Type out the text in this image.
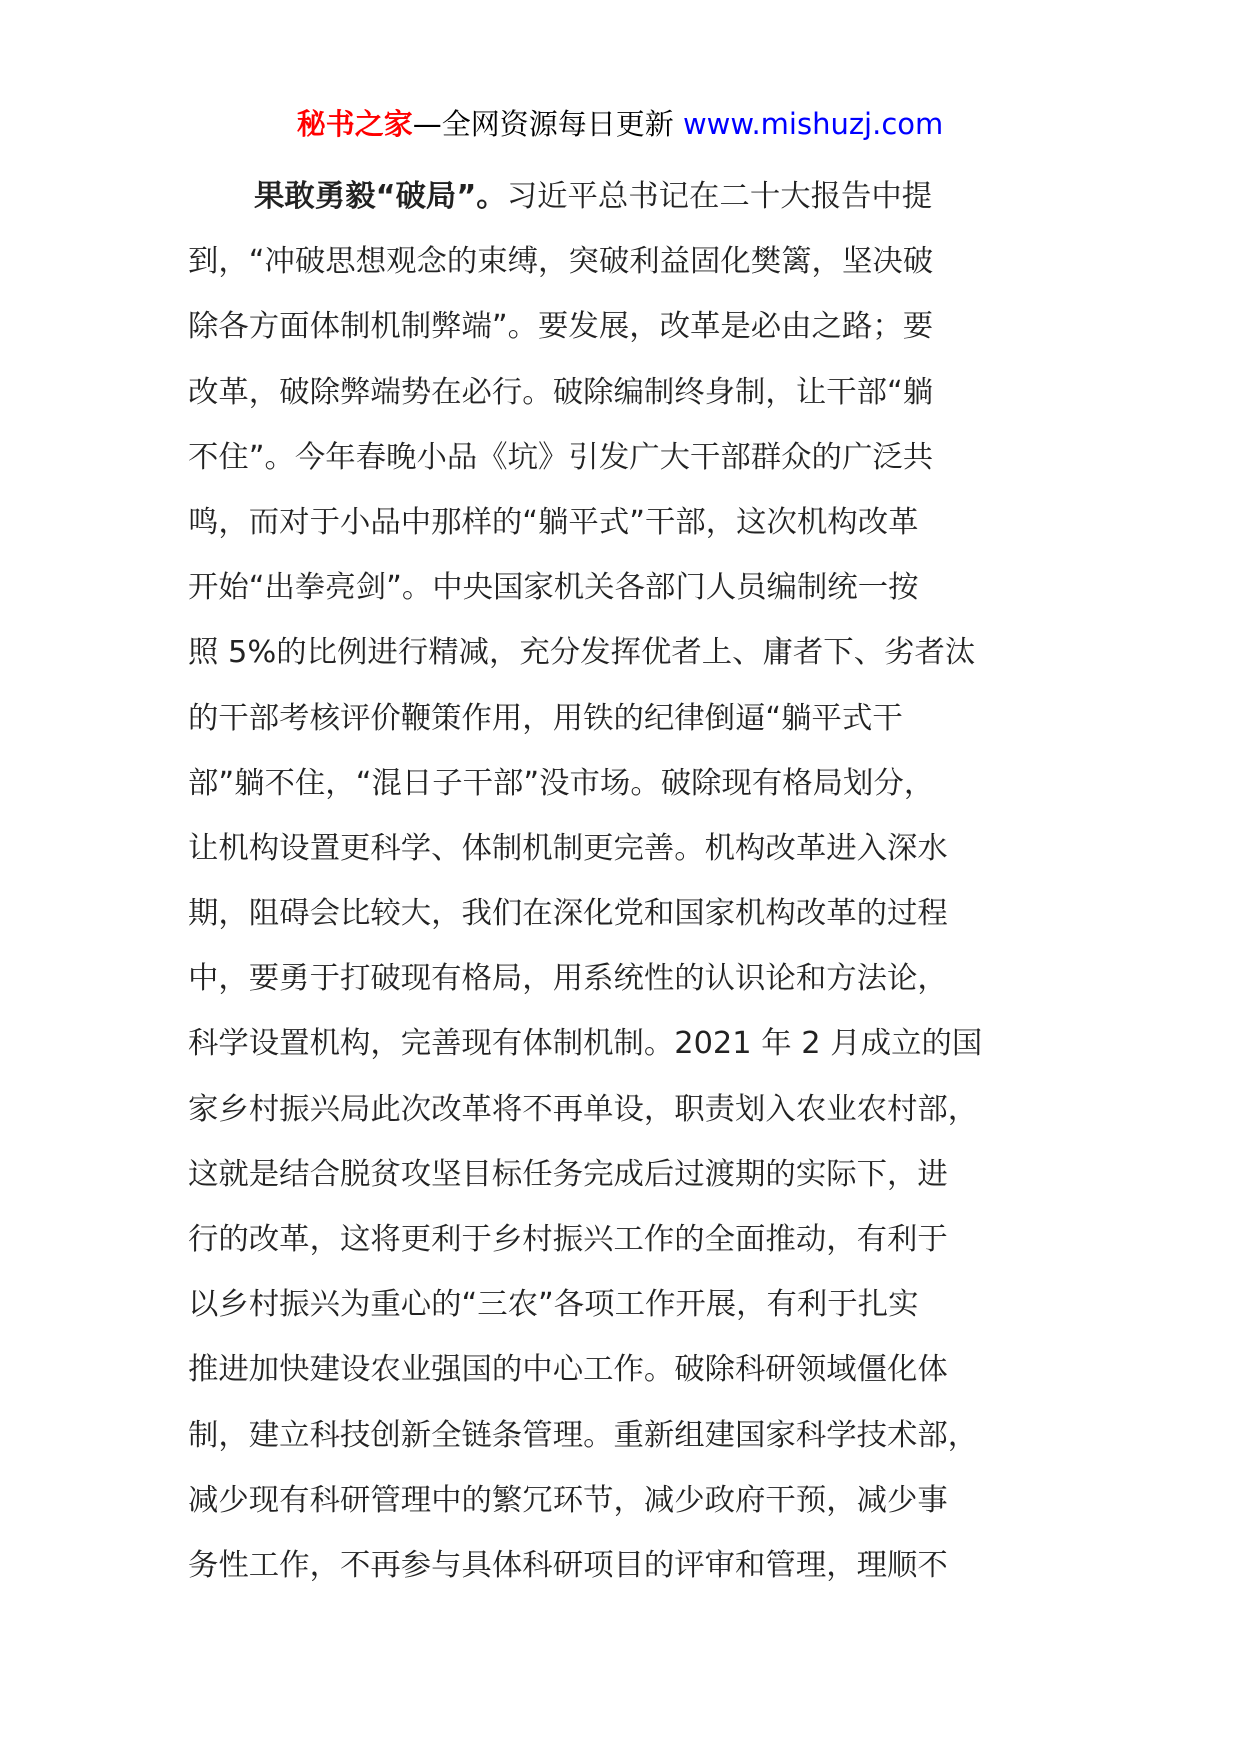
秘书之家—全网资源每日更新 www.mishuzj.com
果敢勇毅“破局”。习近平总书记在二十大报告中提
到，“冲破思想观念的束缚，突破利益固化樊篱，坚决破
除各方面体制机制弊端”。要发展，改革是必由之路；要
改革，破除弊端势在必行。破除编制终身制，让干部“躺
不住”。今年春晚小品《坑》引发广大干部群众的广泛共
鸣，而对于小品中那样的“躺平式”干部，这次机构改革
开始“出拳亮剑”。中央国家机关各部门人员编制统一按
照 5%的比例进行精减，充分发挥优者上、庸者下、劣者汰
的干部考核评价鞭策作用，用铁的纪律倒逼“躺平式干
部”躺不住，“混日子干部”没市场。破除现有格局划分，
让机构设置更科学、体制机制更完善。机构改革进入深水
期，阻碍会比较大，我们在深化党和国家机构改革的过程
中，要勇于打破现有格局，用系统性的认识论和方法论，
科学设置机构，完善现有体制机制。2021 年 2 月成立的国
家乡村振兴局此次改革将不再单设，职责划入农业农村部，
这就是结合脱贫攻坚目标任务完成后过渡期的实际下，进
行的改革，这将更利于乡村振兴工作的全面推动，有利于
以乡村振兴为重心的“三农”各项工作开展，有利于扎实
推进加快建设农业强国的中心工作。破除科研领域僵化体
制，建立科技创新全链条管理。重新组建国家科学技术部，
减少现有科研管理中的繁冗环节，减少政府干预，减少事
务性工作，不再参与具体科研项目的评审和管理，理顺不
